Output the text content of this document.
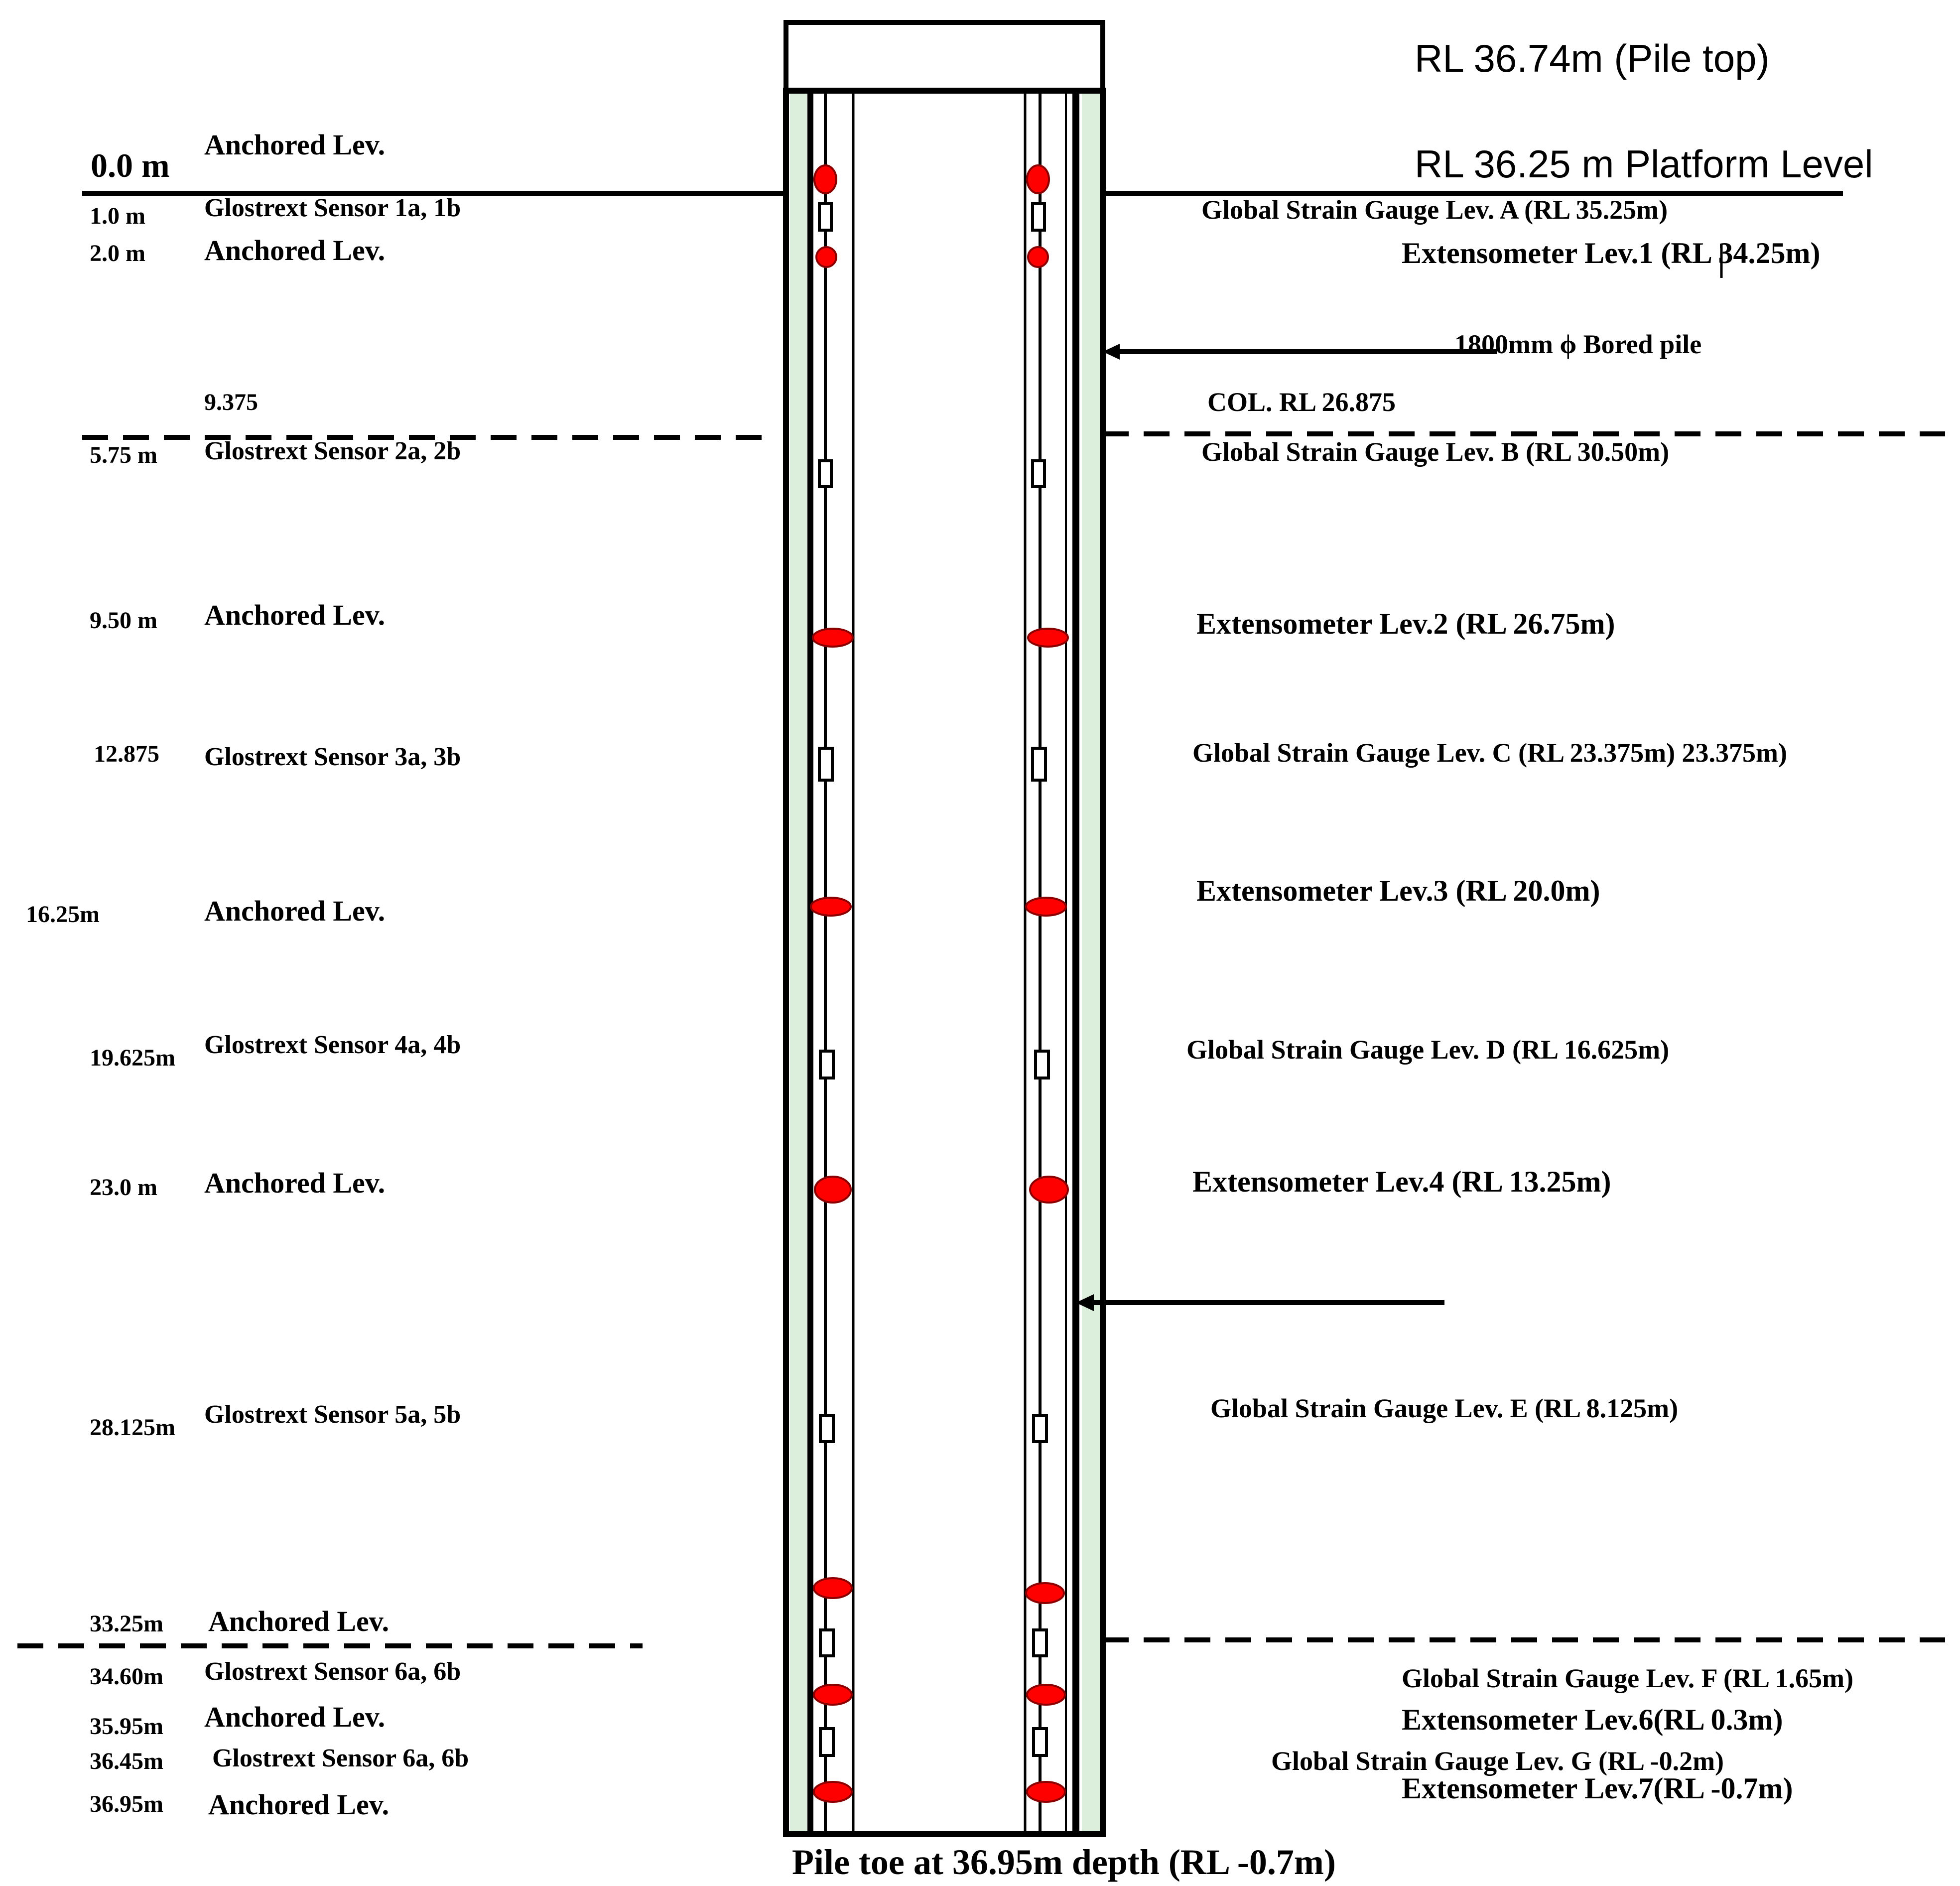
RL 36.74m (Pile top)
RL 36.25 m Platform Level
0.0 m
Anchored Lev.
1.0 m Glostrext Sensor 1a, 1b
2.0 m Anchored Lev.
9.375
5.75 m Glostrext Sensor 2a, 2b
9.50 m Anchored Lev.
12.875 Glostrext Sensor 3a, 3b
16.25m	Anchored Lev.
19.625m Glostrext Sensor 4a, 4b
23.0 m Anchored Lev.
28.125m Glostrext Sensor 5a, 5b
33.25m Anchored Lev.
34.60m Glostrext Sensor 6a, 6b
35.95m Anchored Lev.
36.45m Glostrext Sensor 6a, 6b
36.95m Anchored Lev.
Global Strain Gauge Lev. A (RL 35.25m)
Extensometer Lev.1 (RL 34.25m)
1800mm ϕ Bored pile
COL. RL 26.875
Global Strain Gauge Lev. B (RL 30.50m)
Extensometer Lev.2 (RL 26.75m)
Global Strain Gauge Lev. C (RL 23.375m) 23.375m)
Extensometer Lev.3 (RL 20.0m)
Global Strain Gauge Lev. D (RL 16.625m)
Extensometer Lev.4 (RL 13.25m)
Global Strain Gauge Lev. E (RL 8.125m)
Global Strain Gauge Lev. F (RL 1.65m)
Extensometer Lev.6(RL 0.3m)
Global Strain Gauge Lev. G (RL -0.2m)
Extensometer Lev.7(RL -0.7m)
Pile toe at 36.95m depth (RL -0.7m)
